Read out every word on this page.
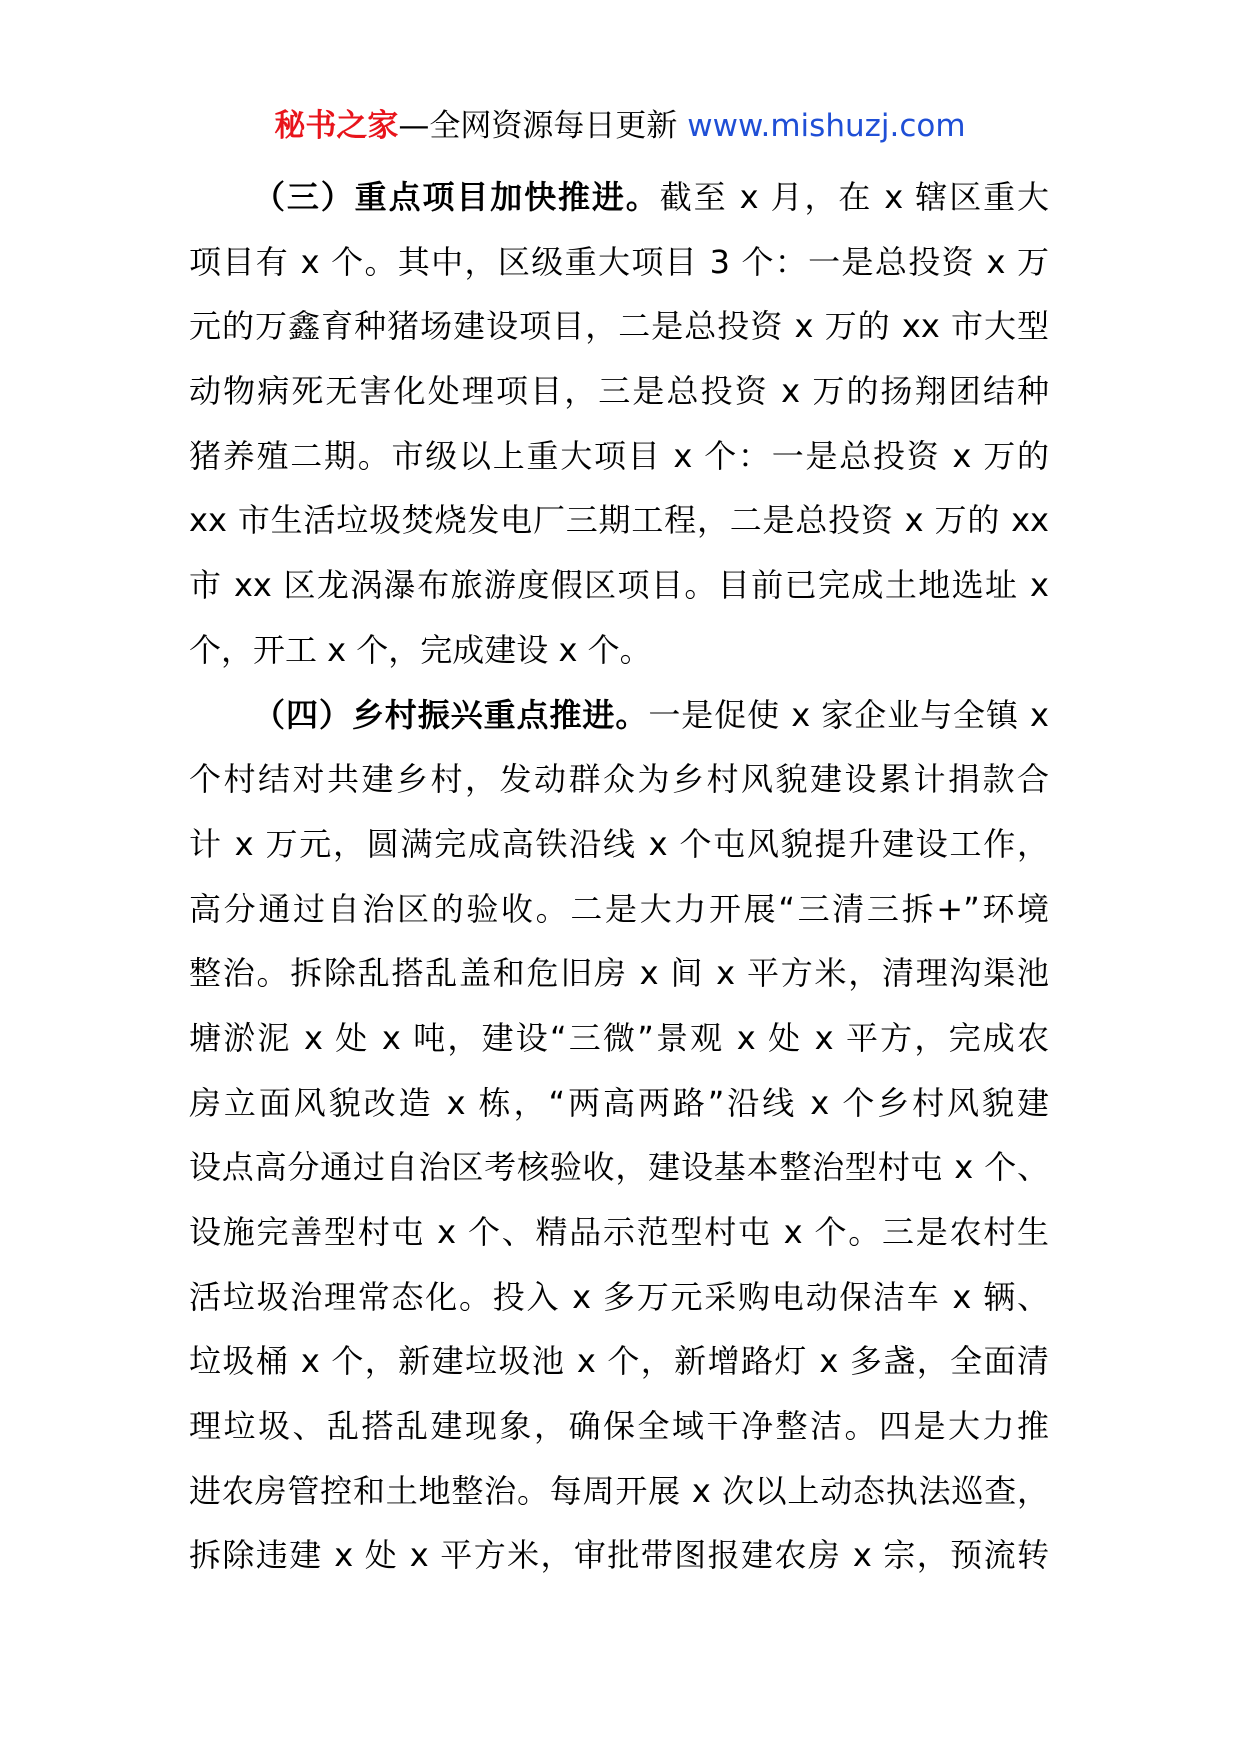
秘书之家—全网资源每日更新 www.mishuzj.com
（三）重点项目加快推进。截至 x 月，在 x 辖区重大
项目有 x 个。其中，区级重大项目 3 个：一是总投资 x 万
元的万鑫育种猪场建设项目，二是总投资 x 万的 xx 市大型
动物病死无害化处理项目，三是总投资 x 万的扬翔团结种
猪养殖二期。市级以上重大项目 x 个：一是总投资 x 万的
xx 市生活垃圾焚烧发电厂三期工程，二是总投资 x 万的 xx
市 xx 区龙涡瀑布旅游度假区项目。目前已完成土地选址 x
个，开工 x 个，完成建设 x 个。
（四）乡村振兴重点推进。一是促使 x 家企业与全镇 x
个村结对共建乡村，发动群众为乡村风貌建设累计捐款合
计 x 万元，圆满完成高铁沿线 x 个屯风貌提升建设工作，
高分通过自治区的验收。二是大力开展“三清三拆+”环境
整治。拆除乱搭乱盖和危旧房 x 间 x 平方米，清理沟渠池
塘淤泥 x 处 x 吨，建设“三微”景观 x 处 x 平方，完成农
房立面风貌改造 x 栋，“两高两路”沿线 x 个乡村风貌建
设点高分通过自治区考核验收，建设基本整治型村屯 x 个、
设施完善型村屯 x 个、精品示范型村屯 x 个。三是农村生
活垃圾治理常态化。投入 x 多万元采购电动保洁车 x 辆、
垃圾桶 x 个，新建垃圾池 x 个，新增路灯 x 多盏，全面清
理垃圾、乱搭乱建现象，确保全域干净整洁。四是大力推
进农房管控和土地整治。每周开展 x 次以上动态执法巡查，
拆除违建 x 处 x 平方米，审批带图报建农房 x 宗，预流转
